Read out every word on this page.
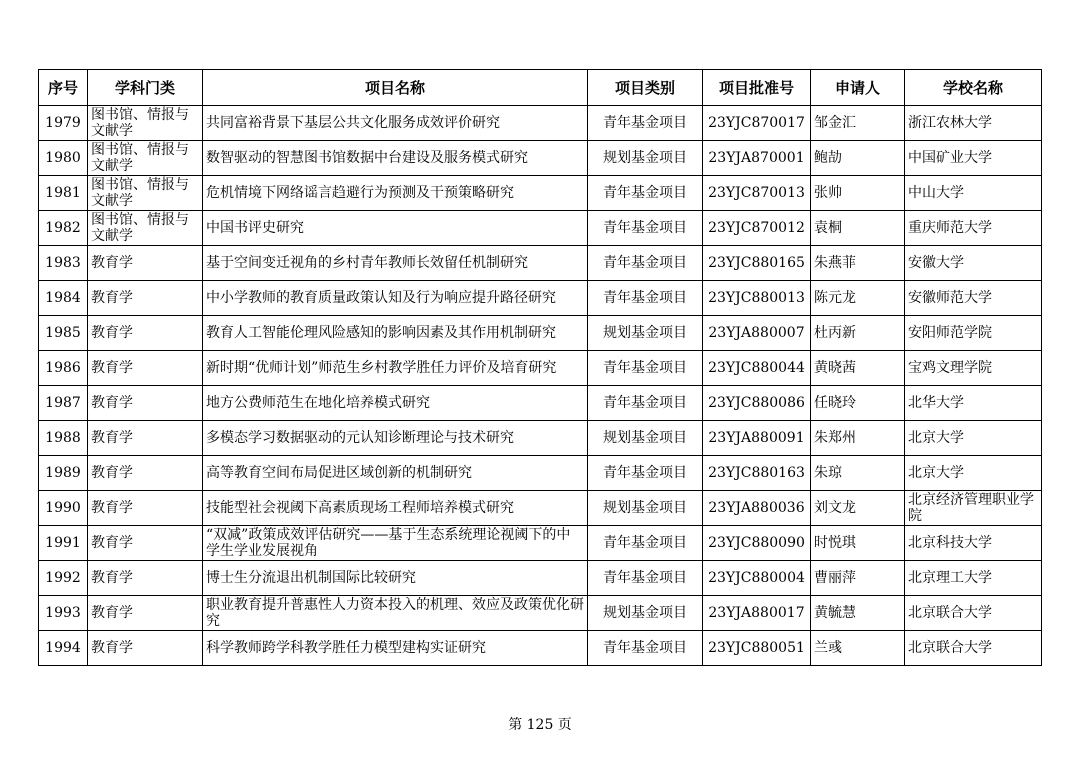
序号	学科门类	项目名称	项目类别	项目批准号	申请人	学校名称
1979	图书馆、情报与文献学	共同富裕背景下基层公共文化服务成效评价研究	青年基金项目	23YJC870017	邹金汇	浙江农林大学
1980	图书馆、情报与文献学	数智驱动的智慧图书馆数据中台建设及服务模式研究	规划基金项目	23YJA870001	鲍劼	中国矿业大学
1981	图书馆、情报与文献学	危机情境下网络谣言趋避行为预测及干预策略研究	青年基金项目	23YJC870013	张帅	中山大学
1982	图书馆、情报与文献学	中国书评史研究	青年基金项目	23YJC870012	袁桐	重庆师范大学
1983	教育学	基于空间变迁视角的乡村青年教师长效留任机制研究	青年基金项目	23YJC880165	朱燕菲	安徽大学
1984	教育学	中小学教师的教育质量政策认知及行为响应提升路径研究	青年基金项目	23YJC880013	陈元龙	安徽师范大学
1985	教育学	教育人工智能伦理风险感知的影响因素及其作用机制研究	规划基金项目	23YJA880007	杜丙新	安阳师范学院
1986	教育学	新时期“优师计划”师范生乡村教学胜任力评价及培育研究	青年基金项目	23YJC880044	黄晓茜	宝鸡文理学院
1987	教育学	地方公费师范生在地化培养模式研究	青年基金项目	23YJC880086	任晓玲	北华大学
1988	教育学	多模态学习数据驱动的元认知诊断理论与技术研究	规划基金项目	23YJA880091	朱郑州	北京大学
1989	教育学	高等教育空间布局促进区域创新的机制研究	青年基金项目	23YJC880163	朱琼	北京大学
1990	教育学	技能型社会视阈下高素质现场工程师培养模式研究	规划基金项目	23YJA880036	刘文龙	北京经济管理职业学院
1991	教育学	“双减”政策成效评估研究——基于生态系统理论视阈下的中学生学业发展视角	青年基金项目	23YJC880090	时悦琪	北京科技大学
1992	教育学	博士生分流退出机制国际比较研究	青年基金项目	23YJC880004	曹丽萍	北京理工大学
1993	教育学	职业教育提升普惠性人力资本投入的机理、效应及政策优化研究	规划基金项目	23YJA880017	黄毓慧	北京联合大学
1994	教育学	科学教师跨学科教学胜任力模型建构实证研究	青年基金项目	23YJC880051	兰彧	北京联合大学
第 125 页
